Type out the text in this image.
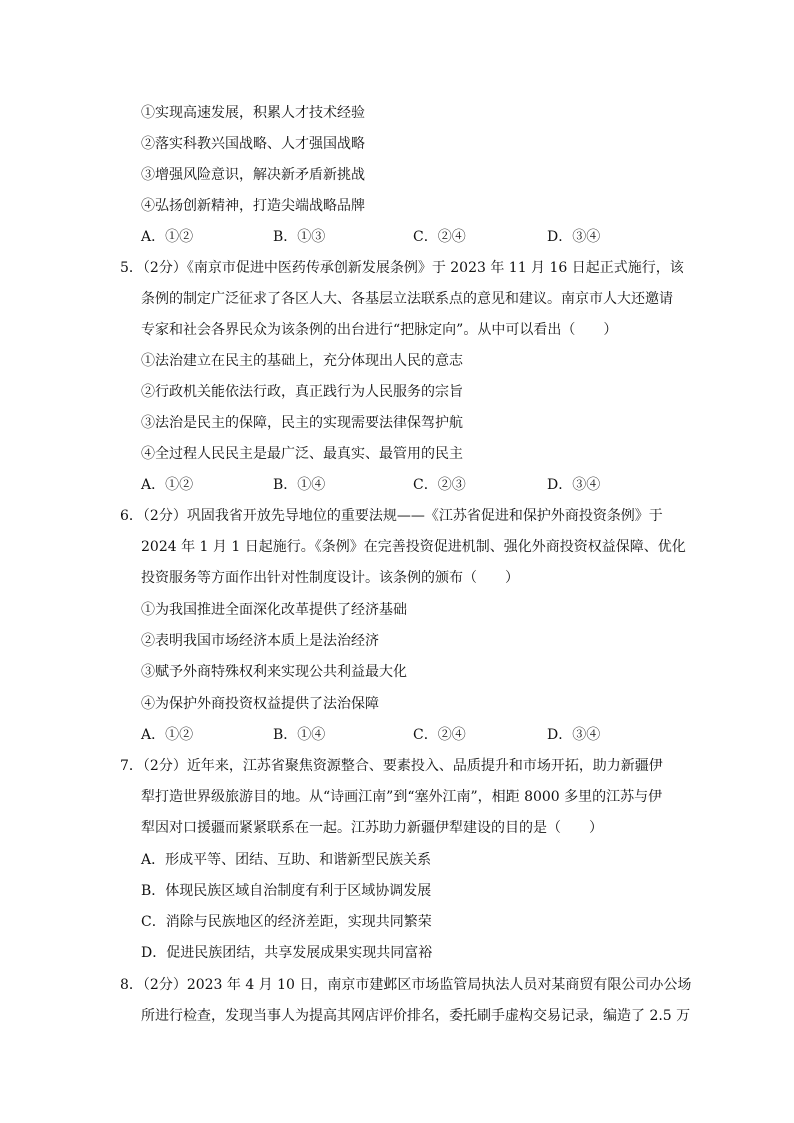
①实现高速发展，积累人才技术经验
②落实科教兴国战略、人才强国战略
③增强风险意识，解决新矛盾新挑战
④弘扬创新精神，打造尖端战略品牌
A．①②	B．①③	C．②④	D．③④
5．（2分）《南京市促进中医药传承创新发展条例》于 2023 年 11 月 16 日起正式施行，该
条例的制定广泛征求了各区人大、各基层立法联系点的意见和建议。南京市人大还邀请
专家和社会各界民众为该条例的出台进行“把脉定向”。从中可以看出（　　）
①法治建立在民主的基础上，充分体现出人民的意志
②行政机关能依法行政，真正践行为人民服务的宗旨
③法治是民主的保障，民主的实现需要法律保驾护航
④全过程人民民主是最广泛、最真实、最管用的民主
A．①②	B．①④	C．②③	D．③④
6．（2分）巩固我省开放先导地位的重要法规——《江苏省促进和保护外商投资条例》于
2024 年 1 月 1 日起施行。《条例》在完善投资促进机制、强化外商投资权益保障、优化
投资服务等方面作出针对性制度设计。该条例的颁布（　　）
①为我国推进全面深化改革提供了经济基础
②表明我国市场经济本质上是法治经济
③赋予外商特殊权利来实现公共利益最大化
④为保护外商投资权益提供了法治保障
A．①②	B．①④	C．②④	D．③④
7．（2分）近年来，江苏省聚焦资源整合、要素投入、品质提升和市场开拓，助力新疆伊
犁打造世界级旅游目的地。从“诗画江南”到“塞外江南”，相距 8000 多里的江苏与伊
犁因对口援疆而紧紧联系在一起。江苏助力新疆伊犁建设的目的是（　　）
A．形成平等、团结、互助、和谐新型民族关系
B．体现民族区域自治制度有利于区域协调发展
C．消除与民族地区的经济差距，实现共同繁荣
D．促进民族团结，共享发展成果实现共同富裕
8．（2分）2023 年 4 月 10 日，南京市建邺区市场监管局执法人员对某商贸有限公司办公场
所进行检查，发现当事人为提高其网店评价排名，委托刷手虚构交易记录，编造了 2.5 万
